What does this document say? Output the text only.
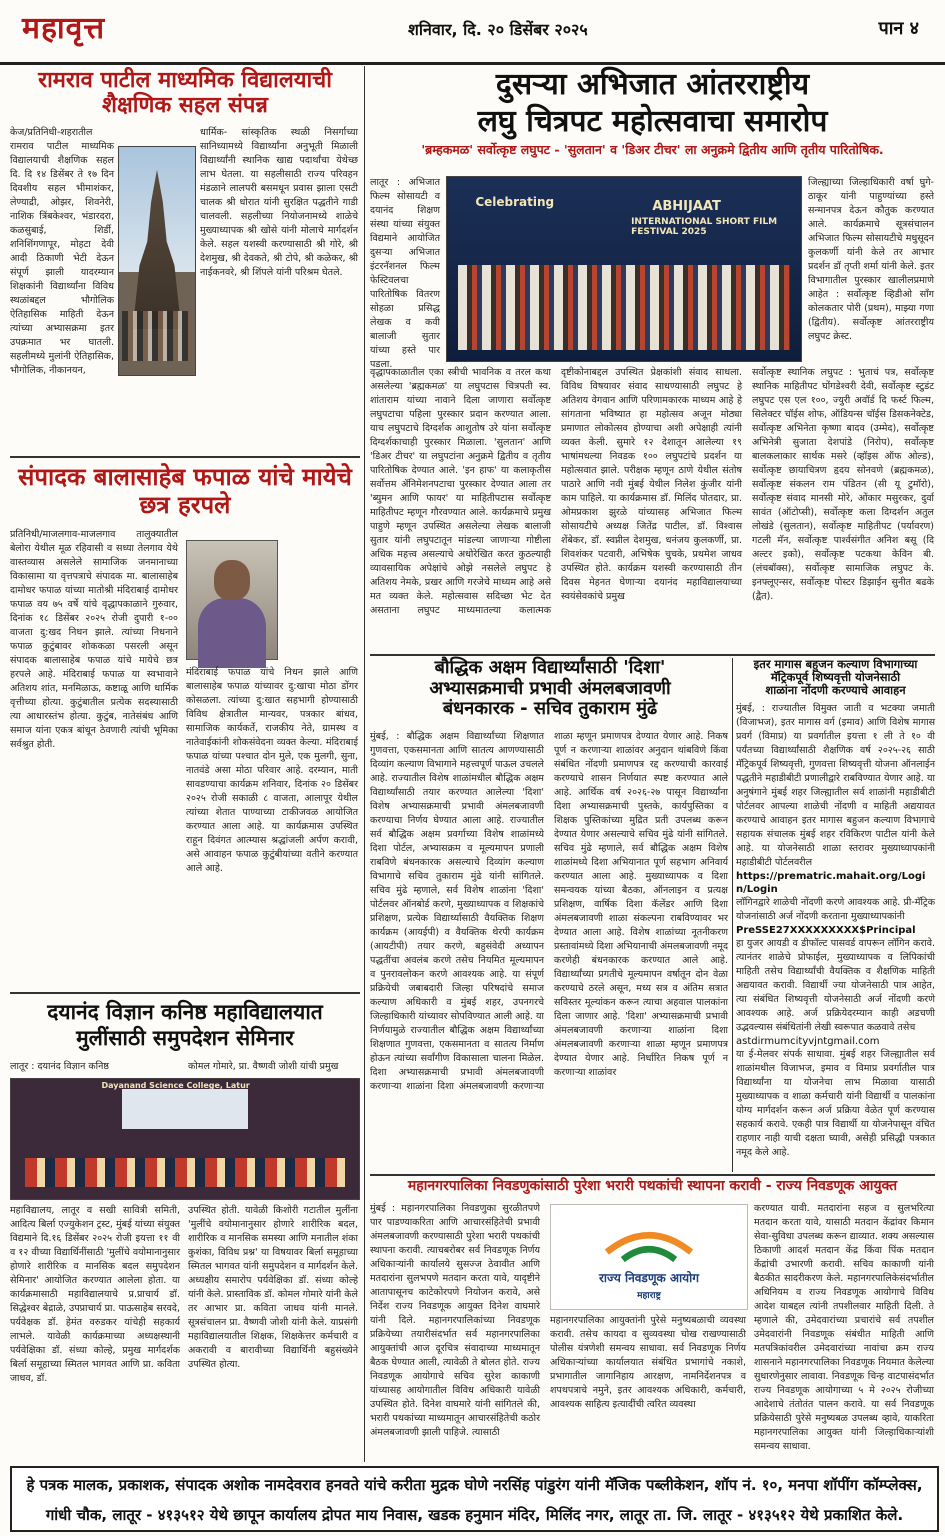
महावृत्त	शनिवार, दि. २० डिसेंबर २०२५	पान ४
रामराव पाटील माध्यमिक विद्यालयाची शैक्षणिक सहल संपन्न
केज/प्रतिनिधी-शहरातील रामराव पाटील माध्यमिक विद्यालयाची शैक्षणिक सहल दि. दि १४ डिसेंबर ते १७ दिन दिवशीय सहल भीमाशंकर, लेण्याद्री, ओझर, शिवनेरी, नाशिक त्रिंबकेश्वर, भंडारदरा, कळसुबाई, शिर्डी, शनिशिंगणापूर, मोहटा देवी आदी ठिकाणी भेटी देऊन संपूर्ण झाली यादरम्यान शिक्षकांनी विद्यार्थ्यांना विविध स्थळांबद्दल भौगोलिक ऐतिहासिक माहिती देऊन त्यांच्या अभ्यासक्रमा इतर उपक्रमात भर घातली. सहलीमध्ये मुलांनी ऐतिहासिक, भौगोलिक, नीकानयन,
धार्मिक- सांस्कृतिक स्थळी निसर्गाच्या सानिध्यामध्ये विद्यार्थ्यांना अनुभूती मिळाली विद्यार्थ्यांनी स्थानिक खाद्य पदार्थांचा येथेच्छ लाभ घेतला. या सहलीसाठी राज्य परिवहन मंडळाने लालपरी बसमधून प्रवास झाला एसटी चालक श्री धोरात यांनी सुरक्षित पद्धतीने गाडी चालवली. सहलीच्या नियोजनामध्ये शाळेचे मुख्याध्यापक श्री खोसे यांनी मोलाचे मार्गदर्शन केले. सहल यशस्वी करण्यासाठी श्री गोरे, श्री देशमुख, श्री देवकते, श्री टोपे, श्री कळेकर, श्री नाईकनवरे, श्री शिंपले यांनी परिश्रम घेतले.
संपादक बालासाहेब फपाळ यांचे मायेचे छत्र हरपले
प्रतिनिधी/माजलगाव-माजलगाव तालुक्यातील बेलोरा येथील मूळ रहिवासी व सध्या तेलगाव येथे वास्तव्यास असलेले सामाजिक जनमानाच्या विकासामा या वृत्तपत्राचे संपादक मा. बालासाहेब दामोधर फपाळ यांच्या मातोश्री मंदिराबाई दामोधर फपाळ वय ७५ वर्षे यांचे वृद्धापकाळाने गुरुवार, दिनांक १८ डिसेंबर २०२५ रोजी दुपारी १-०० वाजता दु:खद निधन झाले. त्यांच्या निधनाने फपाळ कुटुंबावर शोककळा पसरली असून संपादक बालासाहेब फपाळ यांचे मायेचे छत्र हरपले आहे. मंदिराबाई फपाळ या स्वभावाने अतिशय शांत, मनमिळाऊ, कष्टाळू आणि धार्मिक वृत्तीच्या होत्या. कुटुंबातील प्रत्येक सदस्यासाठी त्या आधारस्तंभ होत्या. कुटुंब, नातेसंबंध आणि समाज यांना एकत्र बांधून ठेवणारी त्यांची भूमिका सर्वश्रुत होती.
मंदिराबाई फपाळ यांचे निधन झाले आणि बालासाहेब फपाळ यांच्यावर दु:खाचा मोठा डोंगर कोसळला. त्यांच्या दु:खात सहभागी होण्यासाठी विविध क्षेत्रातील मान्यवर, पत्रकार बांधव, सामाजिक कार्यकर्ते, राजकीय नेते, ग्रामस्थ व नातेवाईकांनी शोकसंवेदना व्यक्त केल्या. मंदिराबाई फपाळ यांच्या पश्चात दोन मुले, एक मुलगी, सुना, नातवंडे असा मोठा परिवार आहे. दरम्यान, माती सावडण्याचा कार्यक्रम शनिवार, दिनांक २० डिसेंबर २०२५ रोजी सकाळी ८ वाजता, आलापूर येथील त्यांच्या शेतात पाण्याच्या टाकीजवळ आयोजित करण्यात आला आहे. या कार्यक्रमास उपस्थित राहून दिवंगत आत्म्यास श्रद्धांजली अर्पण करावी, असे आवाहन फपाळ कुटुंबीयांच्या वतीने करण्यात आले आहे.
दयानंद विज्ञान कनिष्ठ महाविद्यालयात
मुलींसाठी समुपदेशन सेमिनार
लातूर : दयानंद विज्ञान कनिष्ठ	कोमल गोमारे, प्रा. वैष्णवी जोशी यांची प्रमुख
Dayanand Science College, Latur
महाविद्यालय, लातूर व सखी सावित्री समिती, आदित्य बिर्ला एज्युकेशन ट्रस्ट, मुंबई यांच्या संयुक्त विद्यमाने दि.१६ डिसेंबर २०२५ रोजी इयत्ता ११ वी व १२ वीच्या विद्यार्थिनींसाठी 'मुलींचे वयोमानानुसार होणारे शारीरिक व मानसिक बदल समुपदेशन सेमिनार' आयोजित करण्यात आलेला होता. या कार्यक्रमासाठी महाविद्यालयाचे प्र.प्राचार्य डॉ. सिद्धेश्वर बेद्राळे, उपप्राचार्य प्रा. पाऊसाहेब सरवदे, पर्यवेक्षक डॉ. हेमंत वरुडकर यांचेही सहकार्य लाभले. यावेळी कार्यक्रमाच्या अध्यक्षस्थानी पर्यवेक्षिका डॉ. संध्या कोल्हे, प्रमुख मार्गदर्शक बिर्ला समूहाच्या स्मितल भागवत आणि प्रा. कविता जाधव, डॉ.
उपस्थित होती. यावेळी किशोरी गटातील मुलींना 'मुलींचे वयोमानानुसार होणारे शारीरिक बदल, शारीरिक व मानसिक समस्या आणि मनातील शंका कुशंका, विविध प्रश्न' या विषयावर बिर्ला समूहाच्या स्मितल भागवत यांनी समुपदेशन व मार्गदर्शन केले. अध्यक्षीय समारोप पर्यवेक्षिका डॉ. संध्या कोल्हे यांनी केले. प्रास्ताविक डॉ. कोमल गोमारे यांनी केले तर आभार प्रा. कविता जाधव यांनी मानले. सूत्रसंचालन प्रा. वैष्णवी जोशी यांनी केले. याप्रसंगी महाविद्यालयातील शिक्षक, शिक्षकेत्तर कर्मचारी व अकरावी व बारावीच्या विद्यार्थिनी बहुसंख्येने उपस्थित होत्या.
दुसऱ्या अभिजात आंतरराष्ट्रीय
लघु चित्रपट महोत्सवाचा समारोप
'ब्रम्हकमळ' सर्वोत्कृष्ट लघुपट - 'सुलतान' व 'डिअर टीचर' ला अनुक्रमे द्वितीय आणि तृतीय पारितोषिक.
लातूर : अभिजात फिल्म सोसायटी व दयानंद शिक्षण संस्था यांच्या संयुक्त विद्यमाने आयोजित दुसऱ्या अभिजात इंटरनॅशनल फिल्म फेस्टिवलचा पारितोषिक वितरण सोहळा प्रसिद्ध लेखक व कवी बालाजी सुतार यांच्या हस्ते पार पडला.
Celebrating	ABHIJAAT
INTERNATIONAL SHORT FILM FESTIVAL 2025
जिल्ह्याच्या जिल्हाधिकारी वर्षा घुगे-ठाकूर यांनी पाहुण्यांच्या हस्ते सन्मानपत्र देऊन कौतुक करण्यात आले. कार्यक्रमाचे सूत्रसंचालन अभिजात फिल्म सोसायटीचे मधुसूदन कुलकर्णी यांनी केले तर आभार प्रदर्शन डॉ तृप्ती शर्मा यांनी केले. इतर विभागातील पुरस्कार खालीलप्रमाणे आहेत : सर्वोत्कृष्ट व्हिडीओ सॉंग कोलकतार पोरी (प्रथम), माझ्या गणा (द्वितीय). सर्वोत्कृष्ट आंतरराष्ट्रीय लघुपट क्रेस्ट.
वृद्धापकाळातील एका स्त्रीची भावनिक व तरल कथा असलेल्या 'ब्रह्मकमळ' या लघुपटास चित्रपती स्व. शांताराम यांच्या नावाने दिला जाणारा सर्वोत्कृष्ट लघुपटाचा पहिला पुरस्कार प्रदान करण्यात आला. याच लघुपटाचे दिग्दर्शक आशुतोष उरे यांना सर्वोत्कृष्ट दिग्दर्शकाचाही पुरस्कार मिळाला. 'सुलतान' आणि 'डिअर टीचर' या लघुपटांना अनुक्रमे द्वितीय व तृतीय पारितोषिक देण्यात आले. 'इन हाफ' या कलाकृतीस सर्वोत्तम ॲनिमेशनपटाचा पुरस्कार देण्यात आला तर 'ब्युमन आणि फायर' या माहितीपटास सर्वोत्कृष्ट माहितीपट म्हणून गौरवण्यात आले. कार्यक्रमाचे प्रमुख पाहुणे म्हणून उपस्थित असलेल्या लेखक बालाजी सुतार यांनी लघुपटातून मांडल्या जाणाऱ्या गोष्टीला अधिक महत्त्व असल्याचे अधोरेखित करत कुठल्याही व्यावसायिक अपेक्षांचे ओझे नसलेले लघुपट हे अतिशय नेमके, प्रखर आणि गरजेचे माध्यम आहे असे मत व्यक्त केले. महोत्सवास सदिच्छा भेट देत असताना लघुपट माध्यमातल्या कलात्मक दृष्टीकोनाबद्दल उपस्थित प्रेक्षकांशी संवाद साधला. विविध विषयावर संवाद साधण्यासाठी लघुपट हे अतिशय वेगवान आणि परिणामकारक माध्यम आहे हे सांगताना भविष्यात हा महोत्सव अजून मोठ्या प्रमाणात लोकोत्सव होण्याचा अशी अपेक्षाही त्यांनी व्यक्त केली. सुमारे १२ देशातून आलेल्या १९ भाषांमधल्या निवडक १०० लघुपटांचे प्रदर्शन या महोत्सवात झाले. परीक्षक म्हणून ठाणे येथील संतोष पाठारे आणि नवी मुंबई येथील निलेश कुंजीर यांनी काम पाहिले. या कार्यक्रमास डॉ. मिलिंद पोतदार, प्रा. ओमप्रकाश झुरळे यांच्यासह अभिजात फिल्म सोसायटीचे अध्यक्ष जितेंद्र पाटील, डॉ. विश्वास शेंबेकर, डॉ. स्वप्नील देशमुख, धनंजय कुलकर्णी, प्रा. शिवशंकर पटवारी, अभिषेक चुचके, प्रथमेश जाधव उपस्थित होते. कार्यक्रम यशस्वी करण्यासाठी तीन दिवस मेहनत घेणाऱ्या दयानंद महाविद्यालयाच्या स्वयंसेवकांचे प्रमुख
सर्वोत्कृष्ट स्थानिक लघुपट : भुताचं पत्र, सर्वोत्कृष्ट स्थानिक माहितीपट घोंगडेश्वरी देवी, सर्वोत्कृष्ट स्टुडंट लघुपट एस एल १००, ज्युरी अवॉर्ड दि फर्स्ट फिल्म, सिलेक्टर चॉईस शोफ, ऑडियन्स चॉईस डिसकनेक्टेड, सर्वोत्कृष्ट अभिनेता कृष्णा बादव (उम्मेद), सर्वोत्कृष्ट अभिनेत्री सुजाता देशपांडे (निरोप), सर्वोत्कृष्ट बालकलाकार सार्थक मसरे (व्हॉइस ऑफ ओल्ड), सर्वोत्कृष्ट छायाचित्रण हृदय सोनवणे (ब्रह्मकमळ), सर्वोत्कृष्ट संकलन राम पंडितन (सी यू टुमॉरो), सर्वोत्कृष्ट संवाद मानसी मोरे, ओंकार मसुरकर, दुर्वा सावंत (ऑटोप्सी), सर्वोत्कृष्ट कला दिग्दर्शन अतुल लोखंडे (सुलतान), सर्वोत्कृष्ट माहितीपट (पर्यावरण) गटली मॅन, सर्वोत्कृष्ट पार्श्वसंगीत अनिश बसू (दि अल्टर इको), सर्वोत्कृष्ट पटकथा केविन बी. (लंचबॉक्स), सर्वोत्कृष्ट सामाजिक लघुपट के. इनफ्लूएन्सर, सर्वोत्कृष्ट पोस्टर डिझाईन सुनीत बढके (द्वैत).
बौद्धिक अक्षम विद्यार्थ्यांसाठी 'दिशा'
अभ्यासक्रमाची प्रभावी अंमलबजावणी
बंधनकारक - सचिव तुकाराम मुंढे
मुंबई, : बौद्धिक अक्षम विद्यार्थ्यांच्या शिक्षणात गुणवत्ता, एकसमानता आणि सातत्य आणण्यासाठी दिव्यांग कल्याण विभागाने महत्त्वपूर्ण पाऊल उचलले आहे. राज्यातील विशेष शाळांमधील बौद्धिक अक्षम विद्यार्थ्यांसाठी तयार करण्यात आलेल्या 'दिशा' विशेष अभ्यासक्रमाची प्रभावी अंमलबजावणी करण्याचा निर्णय घेण्यात आला आहे. राज्यातील सर्व बौद्धिक अक्षम प्रवर्गाच्या विशेष शाळांमध्ये दिशा पोर्टल, अभ्यासक्रम व मूल्यमापन प्रणाली राबविणे बंधनकारक असल्याचे दिव्यांग कल्याण विभागाचे सचिव तुकाराम मुंढे यांनी सांगितले. सचिव मुंढे म्हणाले, सर्व विशेष शाळांना 'दिशा' पोर्टलवर ऑनबोर्ड करणे, मुख्याध्यापक व शिक्षकांचे प्रशिक्षण, प्रत्येक विद्यार्थ्यासाठी वैयक्तिक शिक्षण कार्यक्रम (आयईपी) व वैयक्तिक थेरपी कार्यक्रम (आयटीपी) तयार करणे, बहुसंवेदी अध्यापन पद्धतींचा अवलंब करणे तसेच नियमित मूल्यमापन व पुनरावलोकन करणे आवश्यक आहे. या संपूर्ण प्रक्रियेची जबाबदारी जिल्हा परिषदांचे समाज कल्याण अधिकारी व मुंबई शहर, उपनगरचे जिल्हाधिकारी यांच्यावर सोपविण्यात आली आहे. या निर्णयामुळे राज्यातील बौद्धिक अक्षम विद्यार्थ्यांच्या शिक्षणात गुणवत्ता, एकसमानता व सातत्य निर्माण होऊन त्यांच्या सर्वांगीण विकासाला चालना मिळेल. दिशा अभ्यासक्रमाची प्रभावी अंमलबजावणी करणाऱ्या शाळांना दिशा अंमलबजावणी करणाऱ्या शाळा म्हणून प्रमाणपत्र देण्यात येणार आहे. निकष पूर्ण न करणाऱ्या शाळांवर अनुदान थांबविणे किंवा संबंधित नोंदणी प्रमाणपत्र रद्द करण्याची कारवाई करण्याचे शासन निर्णयात स्पष्ट करण्यात आले आहे. आर्थिक वर्ष २०२६-२७ पासून विद्यार्थ्यांना दिशा अभ्यासक्रमाची पुस्तके, कार्यपुस्तिका व शिक्षक पुस्तिकांच्या मुद्रित प्रती उपलब्ध करून देण्यात येणार असल्याचे सचिव मुंढे यांनी सांगितले. सचिव मुंढे म्हणाले, सर्व बौद्धिक अक्षम विशेष शाळांमध्ये दिशा अभियानात पूर्ण सहभाग अनिवार्य करण्यात आला आहे. मुख्याध्यापक व दिशा समन्वयक यांच्या बैठका, ऑनलाइन व प्रत्यक्ष प्रशिक्षण, वार्षिक दिशा कॅलेंडर आणि दिशा अंमलबजावणी शाळा संकल्पना राबविण्यावर भर देण्यात आला आहे. विशेष शाळांच्या नूतनीकरण प्रस्तावांमध्ये दिशा अभियानाची अंमलबजावणी नमूद करणेही बंधनकारक करण्यात आले आहे. विद्यार्थ्यांच्या प्रगतीचे मूल्यमापन वर्षातून दोन वेळा करण्याचे ठरले असून, मध्य सत्र व अंतिम सत्रात सविस्तर मूल्यांकन करून त्याचा अहवाल पालकांना दिला जाणार आहे. 'दिशा' अभ्यासक्रमाची प्रभावी अंमलबजावणी करणाऱ्या शाळांना दिशा अंमलबजावणी करणाऱ्या शाळा म्हणून प्रमाणपत्र देण्यात येणार आहे. निर्धारित निकष पूर्ण न करणाऱ्या शाळांवर
इतर मागास बहुजन कल्याण विभागाच्या
मॅट्रिकपूर्व शिष्यवृत्ती योजनेसाठी
शाळांना नोंदणी करण्याचे आवाहन
मुंबई, : राज्यातील विमुक्त जाती व भटक्या जमाती (विजाभज), इतर मागास वर्ग (इमाव) आणि विशेष मागास प्रवर्ग (विमाप्र) या प्रवर्गातील इयत्ता १ ली ते १० वी पर्यंतच्या विद्यार्थ्यांसाठी शैक्षणिक वर्ष २०२५-२६ साठी मॅट्रिकपूर्व शिष्यवृत्ती, गुणवत्ता शिष्यवृत्ती योजना ऑनलाईन पद्धतीने महाडीबीटी प्रणालीद्वारे राबविण्यात येणार आहे. या अनुषंगाने मुंबई शहर जिल्ह्यातील सर्व शाळांनी महाडीबीटी पोर्टलवर आपल्या शाळेची नोंदणी व माहिती अद्ययावत करण्याचे आवाहन इतर मागास बहुजन कल्याण विभागाचे सहायक संचालक मुंबई शहर रविकिरण पाटील यांनी केले आहे. या योजनेसाठी शाळा स्तरावर मुख्याध्यापकांनी महाडीबीटी पोर्टलवरील
https://prematric.mahait.org/Login/Login
लॉगिनद्वारे शाळेची नोंदणी करणे आवश्यक आहे. प्री-मॅट्रिक योजनांसाठी अर्ज नोंदणी करताना मुख्याध्यापकांनी
PreSSE27XXXXXXXXX$Principal
हा युजर आयडी व डीफॉल्ट पासवर्ड वापरून लॉगिन करावे. त्यानंतर शाळेचे प्रोफाईल, मुख्याध्यापक व लिपिकांची माहिती तसेच विद्यार्थ्यांची वैयक्तिक व शैक्षणिक माहिती अद्ययावत करावी. विद्यार्थी ज्या योजनेसाठी पात्र आहेत, त्या संबंधित शिष्यवृत्ती योजनेसाठी अर्ज नोंदणी करणे आवश्यक आहे. अर्ज प्रक्रियेदरम्यान काही अडचणी उद्भवल्यास संबंधितांनी लेखी स्वरूपात कळवावे तसेच
astdirmumcityvjntgmail.com
या ई-मेलवर संपर्क साधावा. मुंबई शहर जिल्ह्यातील सर्व शाळांमधील विजाभज, इमाव व विमाप्र प्रवर्गातील पात्र विद्यार्थ्यांना या योजनेचा लाभ मिळावा यासाठी मुख्याध्यापक व शाळा कर्मचारी यांनी विद्यार्थी व पालकांना योग्य मार्गदर्शन करून अर्ज प्रक्रिया वेळेत पूर्ण करण्यास सहकार्य करावे. एकही पात्र विद्यार्थी या योजनेपासून वंचित राहणार नाही याची दक्षता घ्यावी, असेही प्रसिद्धी पत्रकात नमूद केले आहे.
महानगरपालिका निवडणुकांसाठी पुरेशा भरारी पथकांची स्थापना करावी - राज्य निवडणूक आयुक्त
मुंबई : महानगरपालिका निवडणुका सुरळीतपणे पार पाडण्याकरिता आणि आचारसंहितेची प्रभावी अंमलबजावणी करण्यासाठी पुरेशा भरारी पथकांची स्थापना करावी. त्याचबरोबर सर्व निवडणूक निर्णय अधिकाऱ्यांनी कार्यालये सुसज्ज ठेवावीत आणि मतदारांना सुलभपणे मतदान करता यावे, यादृष्टीने आतापासूनच काटेकोरपणे नियोजन करावे, असे निर्देश राज्य निवडणूक आयुक्त दिनेश वाघमारे यांनी दिले. महानगरपालिकांच्या निवडणूक प्रक्रियेच्या तयारीसंदर्भात सर्व महानगरपालिका आयुक्तांची आज दूरचित्र संवादाच्या माध्यमातून बैठक घेण्यात आली, त्यावेळी ते बोलत होते. राज्य निवडणूक आयोगाचे सचिव सुरेश काकाणी यांच्यासह आयोगातील विविध अधिकारी यावेळी उपस्थित होते. दिनेश वाघमारे यांनी सांगितले की, भरारी पथकांच्या माध्यमातून आचारसंहितेची कठोर अंमलबजावणी झाली पाहिजे. त्यासाठी
राज्य निवडणूक आयोग
महाराष्ट्र
महानगरपालिका आयुक्तांनी पुरेसे मनुष्यबळाची व्यवस्था करावी. तसेच कायदा व सुव्यवस्था चोख राखण्यासाठी पोलीस यंत्रणेशी समन्वय साधावा. सर्व निवडणूक निर्णय अधिकाऱ्यांच्या कार्यालयात संबंधित प्रभागांचे नकाशे, प्रभागातील जागानिहाय आरक्षण, नामनिर्देशनपत्र व शपथपत्राचे नमुने, इतर आवश्यक अधिकारी, कर्मचारी, आवश्यक साहित्य इत्यादींची त्वरित व्यवस्था
करण्यात यावी. मतदारांना सहज व सुलभरित्या मतदान करता यावे, यासाठी मतदान केंद्रांवर किमान सेवा-सुविधा उपलब्ध करून द्याव्यात. शक्य असल्यास ठिकाणी आदर्श मतदान केंद्र किंवा पिंक मतदान केंद्रांची उभारणी करावी. सचिव काकाणी यांनी बैठकीत सादरीकरण केले. महानगरपालिकेसंदर्भातील अधिनियम व राज्य निवडणूक आयोगाचे विविध आदेश याबद्दल त्यांनी तपशीलवार माहिती दिली. ते म्हणाले की, उमेदवारांच्या प्रचारांचे सर्व तपशील उमेदवारांनी निवडणूक संबंधीत माहिती आणि मतपत्रिकांवरील उमेदवारांच्या नावांचा क्रम राज्य शासनाने महानगरपालिका निवडणूक नियमात केलेल्या सुधारणेनुसार लावावा. निवडणूक चिन्ह वाटपासंदर्भात राज्य निवडणूक आयोगाच्या ५ मे २०२५ रोजीच्या आदेशाचे तंतोतंत पालन करावे. या सर्व निवडणूक प्रक्रियेसाठी पुरेसे मनुष्यबळ उपलब्ध व्हावे, याकरिता महानगरपालिका आयुक्त यांनी जिल्हाधिकाऱ्यांशी समन्वय साधावा.

हे पत्रक मालक, प्रकाशक, संपादक अशोक नामदेवराव हनवते यांचे करीता मुद्रक घोणे नरसिंह पांडुरंग यांनी मॅजिक पब्लीकेशन, शॉप नं. १०, मनपा शॉपींग कॉम्प्लेक्स,

गांधी चौक, लातूर - ४१३५१२ येथे छापून कार्यालय द्रोपत माय निवास, खडक हनुमान मंदिर, मिलिंद नगर, लातूर ता. जि. लातूर - ४१३५१२ येथे प्रकाशित केले.
